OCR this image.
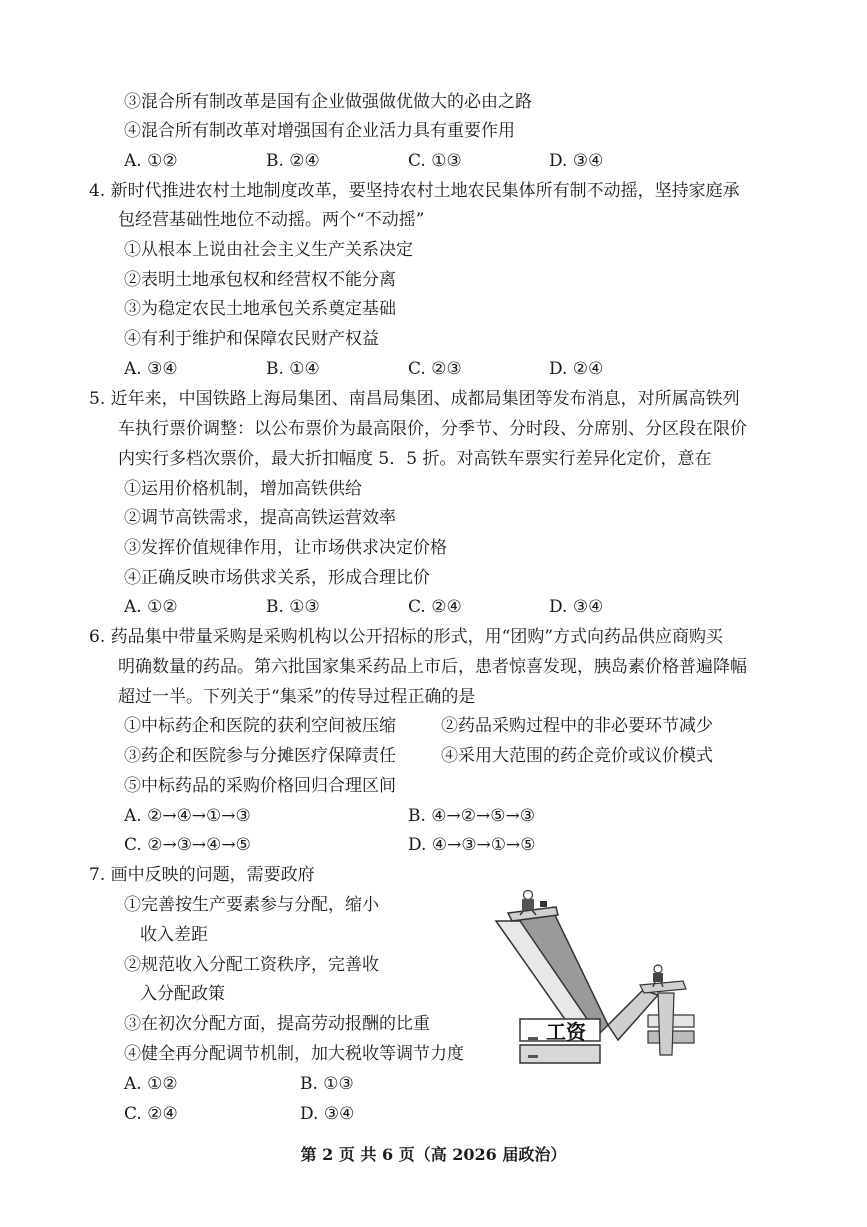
③混合所有制改革是国有企业做强做优做大的必由之路
④混合所有制改革对增强国有企业活力具有重要作用
A. ①②	B. ②④	C. ①③	D. ③④
4. 新时代推进农村土地制度改革，要坚持农村土地农民集体所有制不动摇，坚持家庭承
包经营基础性地位不动摇。两个“不动摇”
①从根本上说由社会主义生产关系决定
②表明土地承包权和经营权不能分离
③为稳定农民土地承包关系奠定基础
④有利于维护和保障农民财产权益
A. ③④	B. ①④	C. ②③	D. ②④
5. 近年来，中国铁路上海局集团、南昌局集团、成都局集团等发布消息，对所属高铁列
车执行票价调整：以公布票价为最高限价，分季节、分时段、分席别、分区段在限价
内实行多档次票价，最大折扣幅度 5．5 折。对高铁车票实行差异化定价，意在
①运用价格机制，增加高铁供给
②调节高铁需求，提高高铁运营效率
③发挥价值规律作用，让市场供求决定价格
④正确反映市场供求关系，形成合理比价
A. ①②	B. ①③	C. ②④	D. ③④
6. 药品集中带量采购是采购机构以公开招标的形式，用“团购”方式向药品供应商购买
明确数量的药品。第六批国家集采药品上市后，患者惊喜发现，胰岛素价格普遍降幅
超过一半。下列关于“集采”的传导过程正确的是
①中标药企和医院的获利空间被压缩	②药品采购过程中的非必要环节减少
③药企和医院参与分摊医疗保障责任	④采用大范围的药企竞价或议价模式
⑤中标药品的采购价格回归合理区间
A. ②→④→①→③	B. ④→②→⑤→③
C. ②→③→④→⑤	D. ④→③→①→⑤
7. 画中反映的问题，需要政府
①完善按生产要素参与分配，缩小
收入差距
②规范收入分配工资秩序，完善收
入分配政策
③在初次分配方面，提高劳动报酬的比重
④健全再分配调节机制，加大税收等调节力度
A. ①②	B. ①③
C. ②④	D. ③④
工资
第 2 页 共 6 页（高 2026 届政治）
